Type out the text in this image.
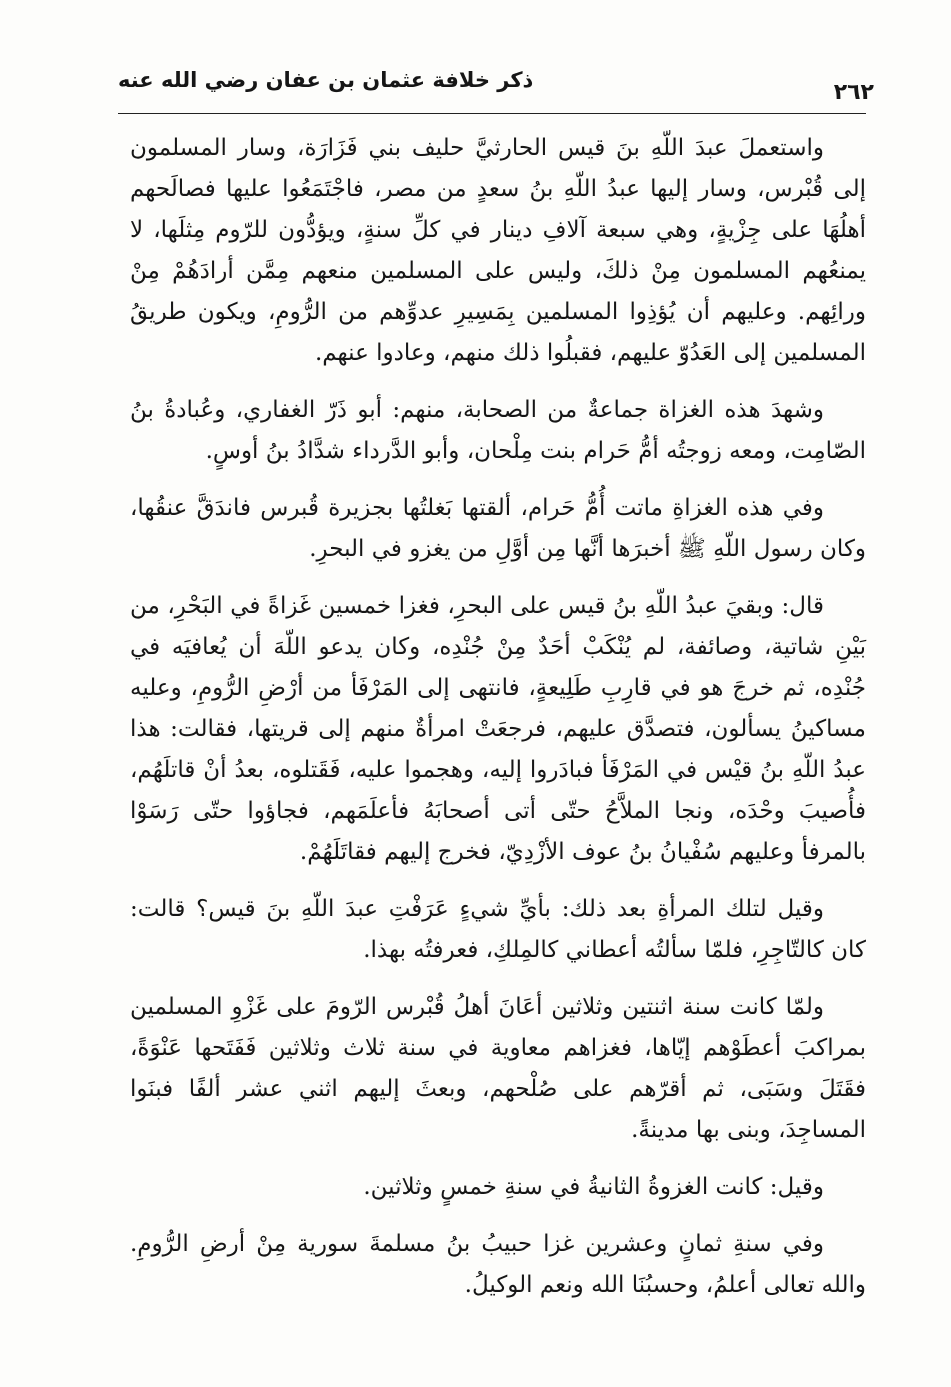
٢٦٢
ذكر خلافة عثمان بن عفان رضي الله عنه

واستعملَ عبدَ اللّهِ بنَ قيس الحارثيَّ حليف بني فَزَارَة، وسار المسلمون إلى قُبْرس، وسار إليها عبدُ اللّهِ بنُ سعدٍ من مصر، فاجْتَمَعُوا عليها فصالَحهم أهلُهَا على جِزْيةٍ، وهي سبعة آلافِ دينار في كلِّ سنةٍ، ويؤدُّون للرّوم مِثلَها، لا يمنعُهم المسلمون مِنْ ذلكَ، وليس على المسلمين منعهم مِمَّن أرادَهُمْ مِنْ ورائِهم. وعليهم أن يُؤذِوا المسلمين بِمَسِيرِ عدوِّهم من الرُّومِ، ويكون طريقُ المسلمين إلى العَدُوّ عليهم، فقبلُوا ذلك منهم، وعادوا عنهم.

وشهدَ هذه الغزاة جماعةٌ من الصحابة، منهم: أبو ذَرّ الغفاري، وعُبادةُ بنُ الصّامِت، ومعه زوجتُه أمُّ حَرام بنت مِلْحان، وأبو الدَّرداء شدَّادُ بنُ أوسٍ.

وفي هذه الغزاةِ ماتت أُمُّ حَرام، ألقتها بَغلتُها بجزيرة قُبرس فاندَقَّ عنقُها، وكان رسول اللّهِ ﷺ أخبرَها أنَّها مِن أوَّلِ من يغزو في البحرِ.

قال: وبقيَ عبدُ اللّهِ بنُ قيس على البحرِ، فغزا خمسين غَزاةً في البَحْرِ، من بَيْنِ شاتية، وصائفة، لم يُنْكَبْ أحَدٌ مِنْ جُنْدِه، وكان يدعو اللّهَ أن يُعافيَه في جُنْدِه، ثم خرجَ هو في قارِبِ طَلِيعةٍ، فانتهى إلى المَرْفَأ من أرْضِ الرُّومِ، وعليه مساكينُ يسألون، فتصدَّق عليهم، فرجعَتْ امرأةٌ منهم إلى قريتها، فقالت: هذا عبدُ اللّهِ بنُ قيْس في المَرْفَأ فبادَروا إليه، وهجموا عليه، فَقَتلوه، بعدُ أنْ قاتلَهُم، فأُصيبَ وحْدَه، ونجا الملاَّحُ حتّى أتى أصحابَهُ فأعلَمَهم، فجاؤوا حتّى رَسَوْا بالمرفأ وعليهم سُفْيانُ بنُ عوف الأزْدِيّ، فخرج إليهم فقاتَلَهُمْ.

وقيل لتلك المرأةِ بعد ذلك: بأيِّ شيءٍ عَرَفْتِ عبدَ اللّهِ بنَ قيس؟ قالت: كان كالتّاجِرِ، فلمّا سألتُه أعطاني كالمِلكِ، فعرفتُه بهذا.

ولمّا كانت سنة اثنتين وثلاثين أعَانَ أهلُ قُبْرس الرّومَ على غَزْوِ المسلمين بمراكبَ أعطَوْهم إيّاها، فغزاهم معاوية في سنة ثلاث وثلاثين فَفَتَحها عَنْوَةً، فقَتَلَ وسَبَى، ثم أقرّهم على صُلْحهم، وبعثَ إليهم اثني عشر ألفًا فبنَوا المساجِدَ، وبنى بها مدينةً.

وقيل: كانت الغزوةُ الثانيةُ في سنةِ خمسٍ وثلاثين.

وفي سنةِ ثمانٍ وعشرين غزا حبيبُ بنُ مسلمةَ سورية مِنْ أرضِ الرُّومِ. والله تعالى أعلمُ، وحسبُنَا الله ونعم الوكيلُ.
